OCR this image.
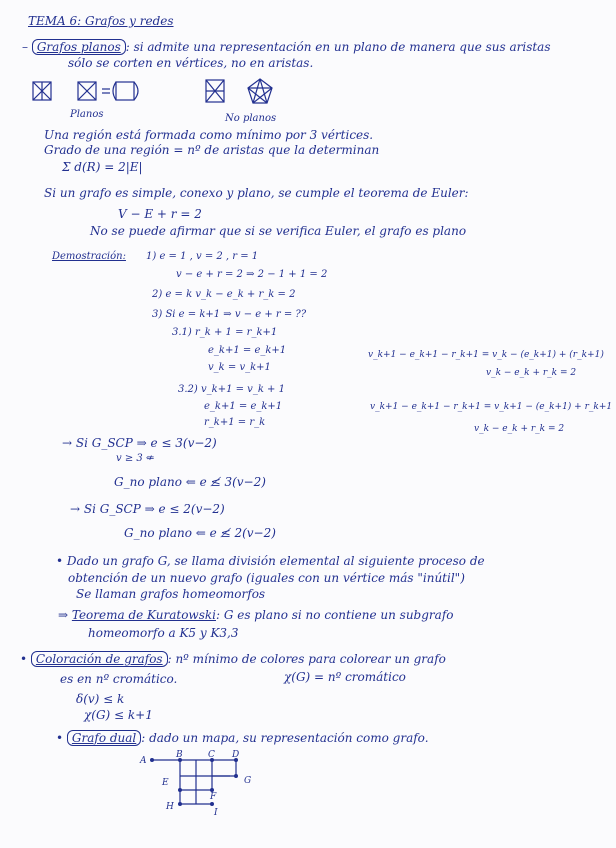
TEMA 6: Grafos y redes
– Grafos planos : si admite una representación en un plano de manera que sus aristas
sólo se corten en vértices, no en aristas.
Planos	No planos
Una región está formada como mínimo por 3 vértices.
Grado de una región = nº de aristas que la determinan
Σ d(R) = 2|E|
Si un grafo es simple, conexo y plano, se cumple el teorema de Euler:
V − E + r = 2
No se puede afirmar que si se verifica Euler, el grafo es plano
Demostración: 1) e = 1 , v = 2 , r = 1
v − e + r = 2 ⇒ 2 − 1 + 1 = 2
2) e = k v_k − e_k + r_k = 2
3) Si e = k+1 ⇒ v − e + r = ??
3.1) r_k + 1 = r_k+1
e_k+1 = e_k+1
v_k = v_k+1
3.2) v_k+1 = v_k + 1
e_k+1 = e_k+1
r_k+1 = r_k
v_k+1 − e_k+1 − r_k+1 = v_k − (e_k+1) + (r_k+1)
v_k − e_k + r_k = 2
v_k+1 − e_k+1 − r_k+1 = v_k+1 − (e_k+1) + r_k+1
v_k − e_k + r_k = 2
→ Si G_SCP ⇒ e ≤ 3(v−2)
v ≥ 3 ⇍
G_no plano ⇐ e ≰ 3(v−2)
→ Si G_SCP ⇒ e ≤ 2(v−2)
G_no plano ⇐ e ≰ 2(v−2)
• Dado un grafo G, se llama división elemental al siguiente proceso de
obtención de un nuevo grafo (iguales con un vértice más "inútil")
Se llaman grafos homeomorfos
⇒ Teorema de Kuratowski: G es plano si no contiene un subgrafo
homeomorfo a K5 y K3,3
• Coloración de grafos : nº mínimo de colores para colorear un grafo
es en nº cromático.	χ(G) = nº cromático
δ(v) ≤ k
χ(G) ≤ k+1
• Grafo dual : dado un mapa, su representación como grafo.
A
B	C D
E
F
G
H
I
